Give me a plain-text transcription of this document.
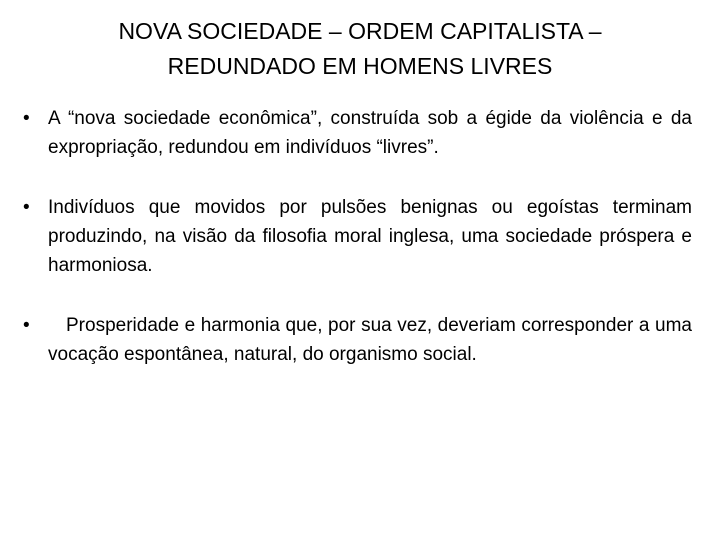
NOVA SOCIEDADE – ORDEM CAPITALISTA –
REDUNDADO EM HOMENS LIVRES
• A “nova sociedade econômica”, construída sob a égide da violência e da expropriação, redundou em indivíduos “livres”.
• Indivíduos que movidos por pulsões benignas ou egoístas terminam produzindo, na visão da filosofia moral inglesa, uma sociedade próspera e harmoniosa.
•	Prosperidade e harmonia que, por sua vez, deveriam corresponder a uma vocação espontânea, natural, do organismo social.
